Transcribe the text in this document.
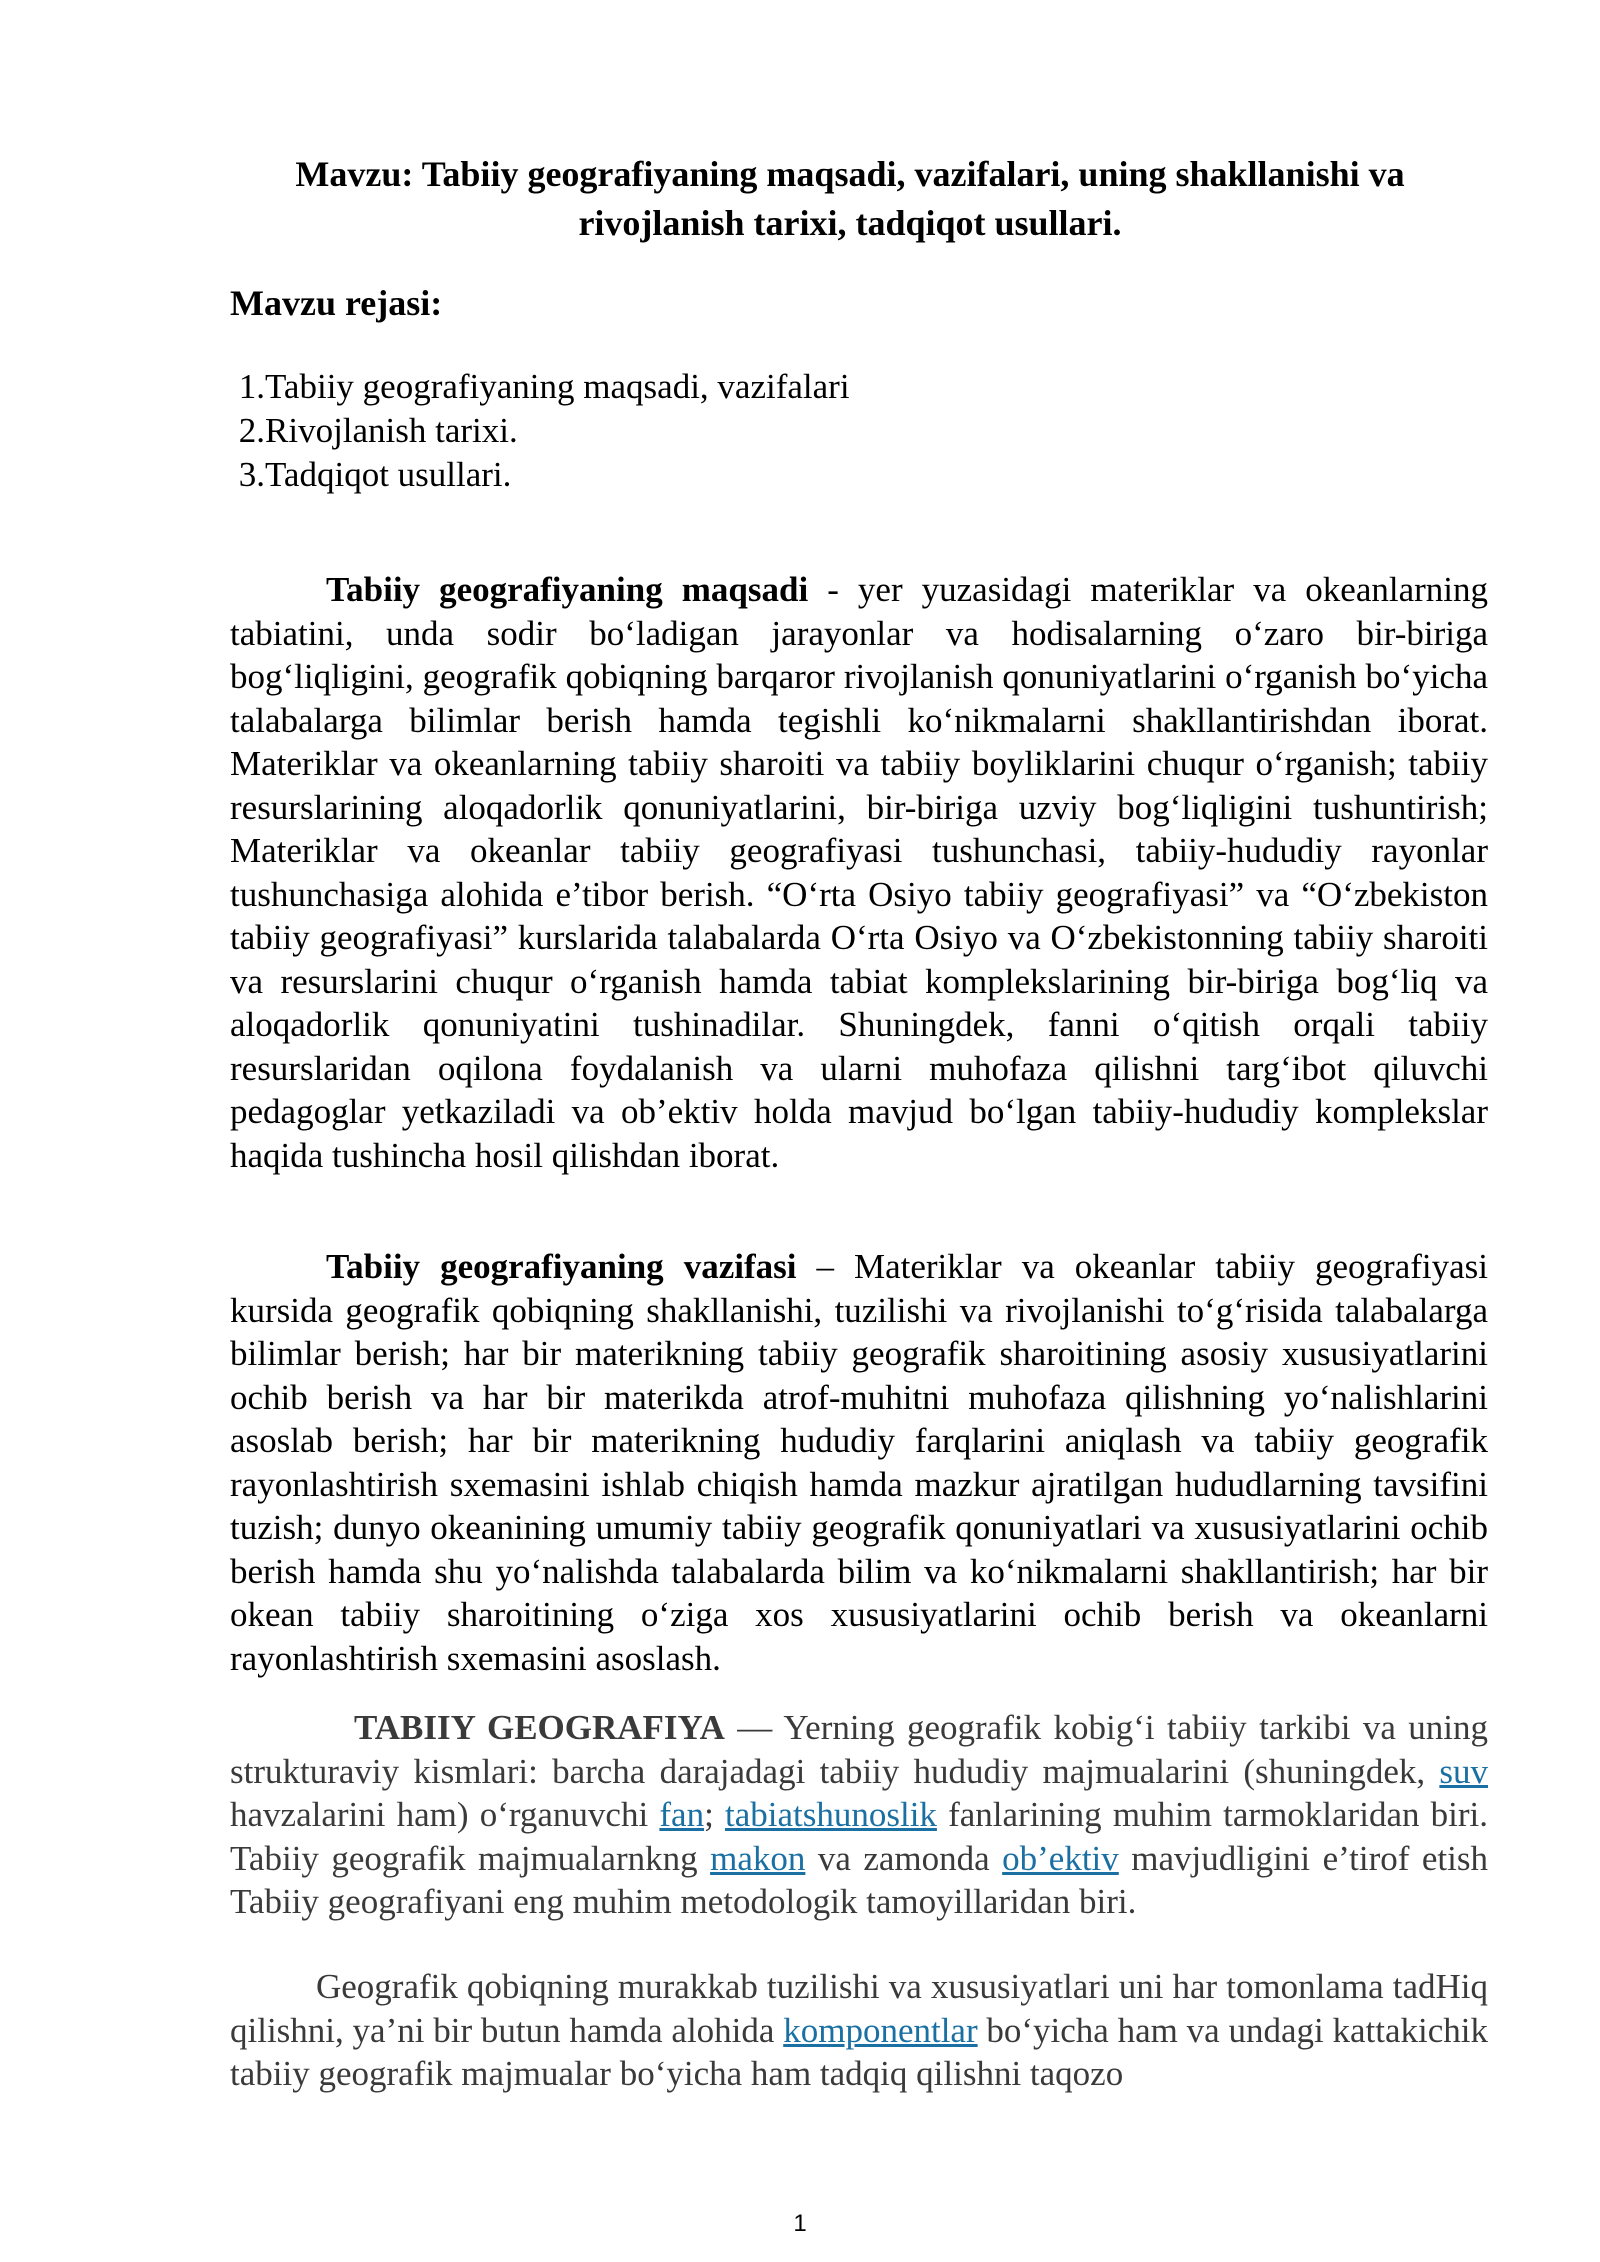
Mavzu: Tabiiy geografiyaning maqsadi, vazifalari, uning shakllanishi va rivojlanish tarixi, tadqiqot usullari.
Mavzu rejasi:
1. Tabiiy geografiyaning maqsadi, vazifalari
2. Rivojlanish tarixi.
3. Tadqiqot usullari.

Tabiiy geografiyaning maqsadi - yer yuzasidagi materiklar va okeanlarning tabiatini, unda sodir bo‘ladigan jarayonlar va hodisalarning o‘zaro bir-biriga bog‘liqligini, geografik qobiqning barqaror rivojlanish qonuniyatlarini o‘rganish bo‘yicha talabalarga bilimlar berish hamda tegishli ko‘nikmalarni shakllantirishdan iborat. Materiklar va okeanlarning tabiiy sharoiti va tabiiy boyliklarini chuqur o‘rganish; tabiiy resurslarining aloqadorlik qonuniyatlarini, bir-biriga uzviy bog‘liqligini tushuntirish; Materiklar va okeanlar tabiiy geografiyasi tushunchasi, tabiiy-hududiy rayonlar tushunchasiga alohida e’tibor berish. “O‘rta Osiyo tabiiy geografiyasi” va “O‘zbekiston tabiiy geografiyasi” kurslarida talabalarda O‘rta Osiyo va O‘zbekistonning tabiiy sharoiti va resurslarini chuqur o‘rganish hamda tabiat komplekslarining bir-biriga bog‘liq va aloqadorlik qonuniyatini tushinadilar. Shuningdek, fanni o‘qitish orqali tabiiy resurslaridan oqilona foydalanish va ularni muhofaza qilishni targ‘ibot qiluvchi pedagoglar yetkaziladi va ob’ektiv holda mavjud bo‘lgan tabiiy-hududiy komplekslar haqida tushincha hosil qilishdan iborat.

Tabiiy geografiyaning vazifasi – Materiklar va okeanlar tabiiy geografiyasi kursida geografik qobiqning shakllanishi, tuzilishi va rivojlanishi to‘g‘risida talabalarga bilimlar berish; har bir materikning tabiiy geografik sharoitining asosiy xususiyatlarini ochib berish va har bir materikda atrof-muhitni muhofaza qilishning yo‘nalishlarini asoslab berish; har bir materikning hududiy farqlarini aniqlash va tabiiy geografik rayonlashtirish sxemasini ishlab chiqish hamda mazkur ajratilgan hududlarning tavsifini tuzish; dunyo okeanining umumiy tabiiy geografik qonuniyatlari va xususiyatlarini ochib berish hamda shu yo‘nalishda talabalarda bilim va ko‘nikmalarni shakllantirish; har bir okean tabiiy sharoitining o‘ziga xos xususiyatlarini ochib berish va okeanlarni rayonlashtirish sxemasini asoslash.

TABIIY GEOGRAFIYA — Yerning geografik kobig‘i tabiiy tarkibi va uning strukturaviy kismlari: barcha darajadagi tabiiy hududiy majmualarini (shuningdek, suv havzalarini ham) o‘rganuvchi fan; tabiatshunoslik fanlarining muhim tarmoklaridan biri. Tabiiy geografik majmualarnkng makon va zamonda ob’ektiv mavjudligini e’tirof etish Tabiiy geografiyani eng muhim metodologik tamoyillaridan biri.

Geografik qobiqning murakkab tuzilishi va xususiyatlari uni har tomonlama tadHiq qilishni, ya’ni bir butun hamda alohida komponentlar bo‘yicha ham va undagi kattakichik tabiiy geografik majmualar bo‘yicha ham tadqiq qilishni taqozo

1
